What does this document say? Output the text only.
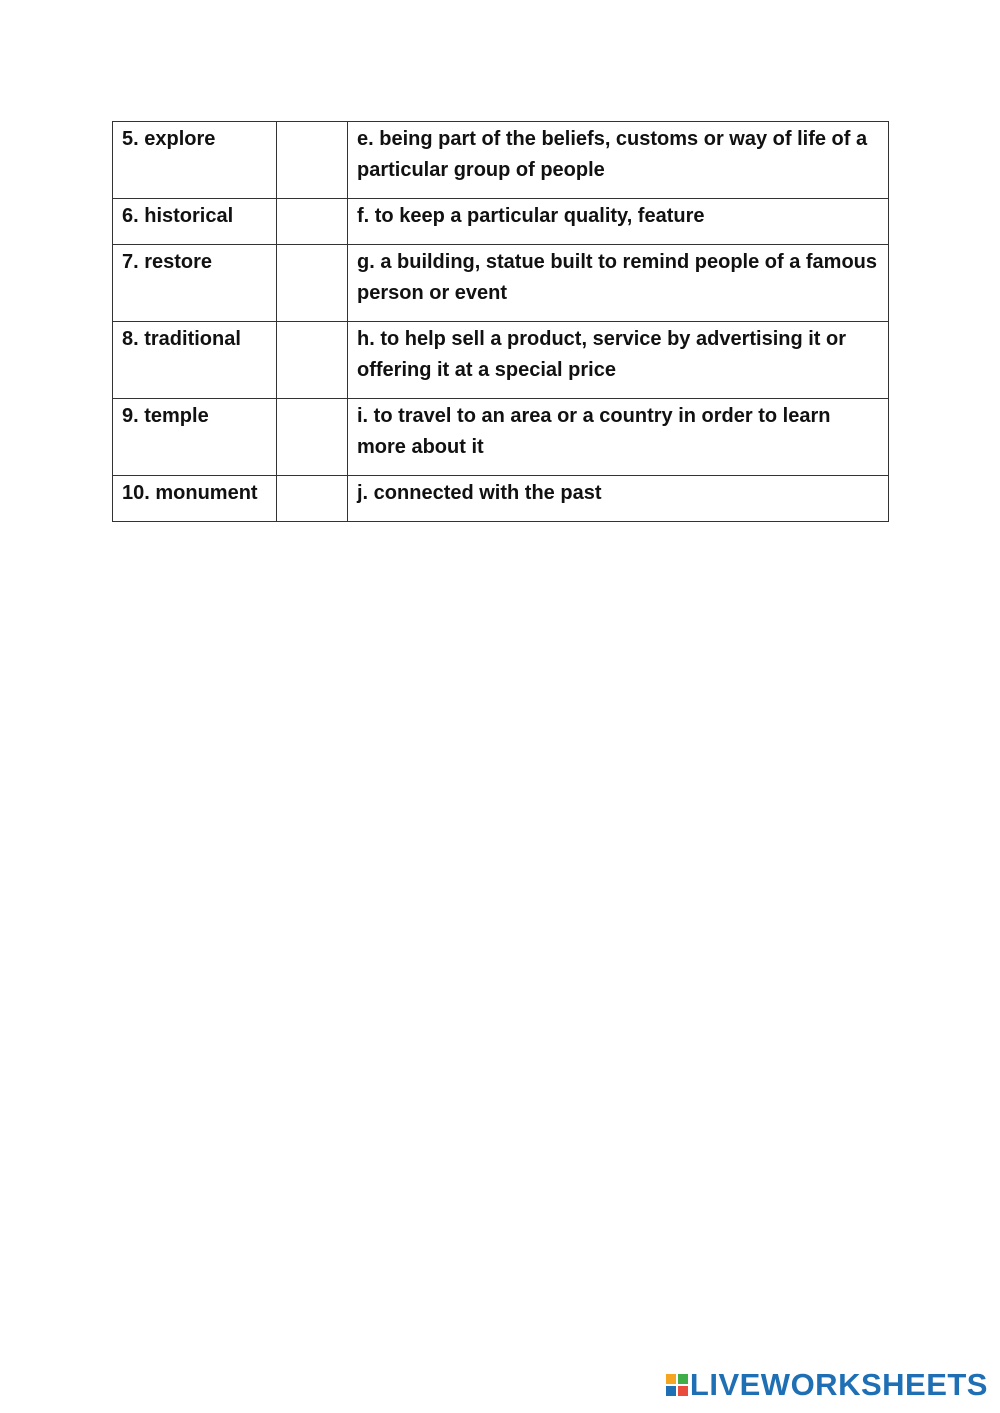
5. explore		e. being part of the beliefs, customs or way of life of a particular group of people
6. historical		f. to keep a particular quality, feature
7. restore		g. a building, statue built to remind people of a famous person or event
8. traditional		h. to help sell a product, service by advertising it or offering it at a special price
9. temple		i. to travel to an area or a country in order to learn more about it
10. monument		j. connected with the past
LIVEWORKSHEETS
